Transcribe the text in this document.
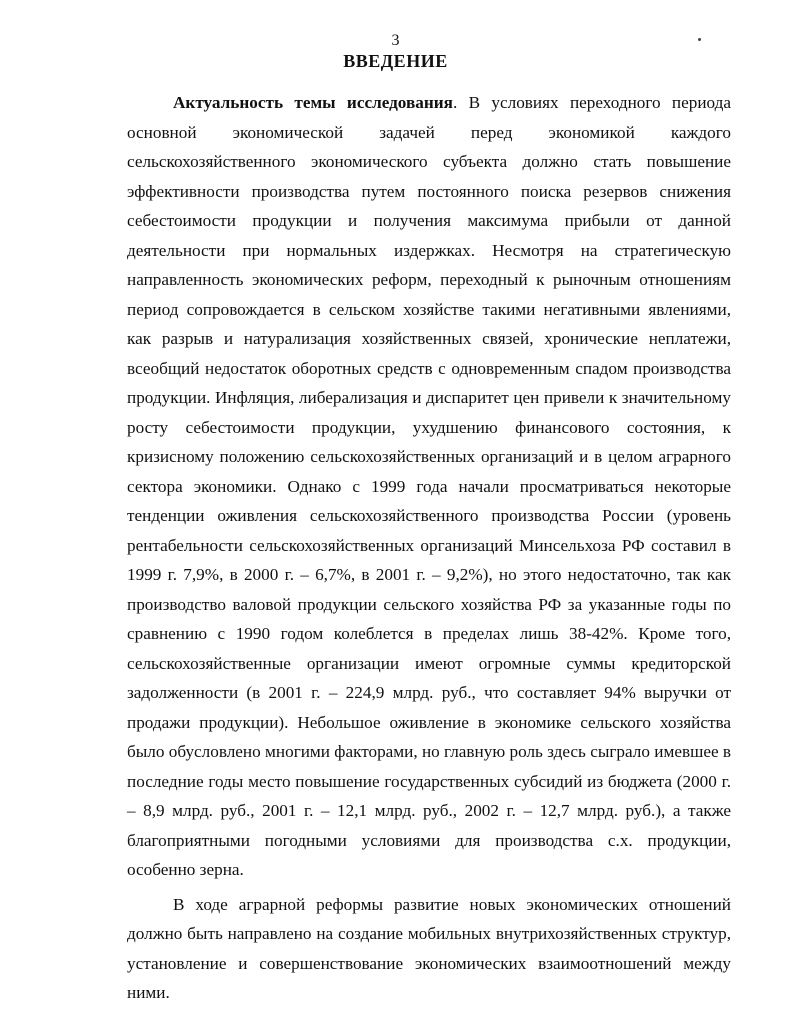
3
ВВЕДЕНИЕ

Актуальность темы исследования. В условиях переходного периода основной экономической задачей перед экономикой каждого сельскохозяйственного экономического субъекта должно стать повышение эффективности производства путем постоянного поиска резервов снижения себестоимости продукции и получения максимума прибыли от данной деятельности при нормальных издержках. Несмотря на стратегическую направленность экономических реформ, переходный к рыночным отношениям период сопровождается в сельском хозяйстве такими негативными явлениями, как разрыв и натурализация хозяйственных связей, хронические неплатежи, всеобщий недостаток оборотных средств с одновременным спадом производства продукции. Инфляция, либерализация и диспаритет цен привели к значительному росту себестоимости продукции, ухудшению финансового состояния, к кризисному положению сельскохозяйственных организаций и в целом аграрного сектора экономики. Однако с 1999 года начали просматриваться некоторые тенденции оживления сельскохозяйственного производства России (уровень рентабельности сельскохозяйственных организаций Минсельхоза РФ составил в 1999 г. 7,9%, в 2000 г. – 6,7%, в 2001 г. – 9,2%), но этого недостаточно, так как производство валовой продукции сельского хозяйства РФ за указанные годы по сравнению с 1990 годом колеблется в пределах лишь 38-42%. Кроме того, сельскохозяйственные организации имеют огромные суммы кредиторской задолженности (в 2001 г. – 224,9 млрд. руб., что составляет 94% выручки от продажи продукции). Небольшое оживление в экономике сельского хозяйства было обусловлено многими факторами, но главную роль здесь сыграло имевшее в последние годы место повышение государственных субсидий из бюджета (2000 г. – 8,9 млрд. руб., 2001 г. – 12,1 млрд. руб., 2002 г. – 12,7 млрд. руб.), а также благоприятными погодными условиями для производства с.х. продукции, особенно зерна.

В ходе аграрной реформы развитие новых экономических отношений должно быть направлено на создание мобильных внутрихозяйственных структур, установление и совершенствование экономических взаимоотношений между ними.
